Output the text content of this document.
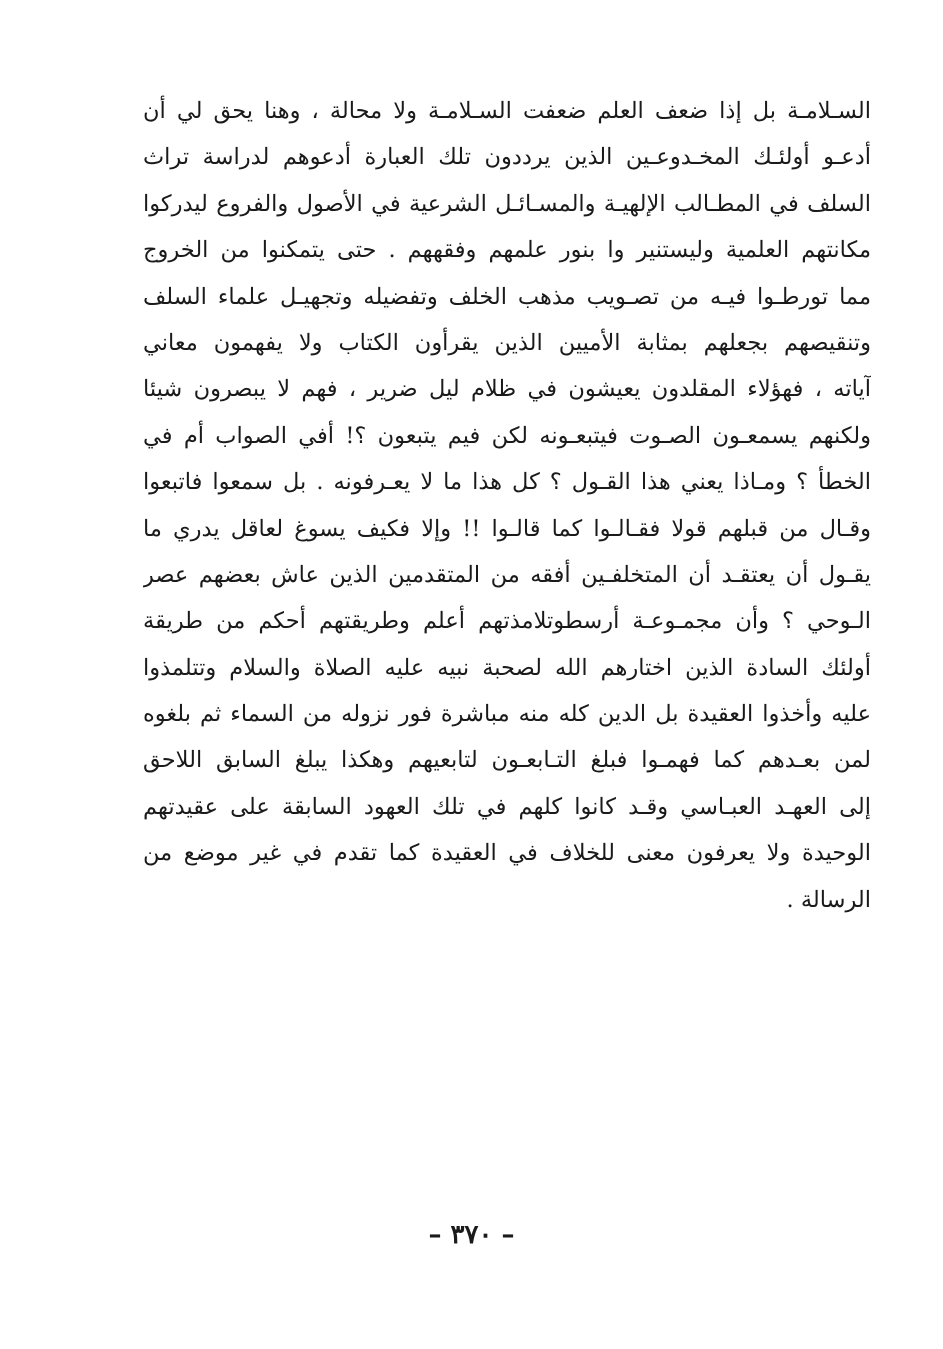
السـلامـة بل إذا ضعف العلم ضعفت السـلامـة ولا محالة ، وهنا يحق لي أن
أدعـو أولئـك المخـدوعـين الذين يرددون تلك العبارة أدعوهم لدراسة تراث
السلف في المطـالب الإلهيـة والمسـائـل الشرعية في الأصول والفروع ليدركوا
مكانتهم العلمية وليستنير وا بنور علمهم وفقههم . حتى يتمكنوا من الخروج
مما تورطـوا فيـه من تصـويب مذهب الخلف وتفضيله وتجهيـل علماء السلف
وتنقيصهم بجعلهم بمثابة الأميين الذين يقرأون الكتاب ولا يفهمون معاني
آياته ، فهؤلاء المقلدون يعيشون في ظلام ليل ضرير ، فهم لا يبصرون شيئا
ولكنهم يسمعـون الصـوت فيتبعـونه لكن فيم يتبعون ؟! أفي الصواب أم في
الخطأ ؟ ومـاذا يعني هذا القـول ؟ كل هذا ما لا يعـرفونه . بل سمعوا فاتبعوا
وقـال من قبلهم قولا فقـالـوا كما قالـوا !! وإلا فكيف يسوغ لعاقل يدري ما
يقـول أن يعتقـد أن المتخلفـين أفقه من المتقدمين الذين عاش بعضهم عصر
الـوحي ؟ وأن مجمـوعـة أرسطوتلامذتهم أعلم وطريقتهم أحكم من طريقة
أولئك السادة الذين اختارهم الله لصحبة نبيه عليه الصلاة والسلام وتتلمذوا
عليه وأخذوا العقيدة بل الدين كله منه مباشرة فور نزوله من السماء ثم بلغوه
لمن بعـدهم كما فهمـوا فبلغ التـابعـون لتابعيهم وهكذا يبلغ السابق اللاحق
إلى العهـد العبـاسي وقـد كانوا كلهم في تلك العهود السابقة على عقيدتهم
الوحيدة ولا يعرفون معنى للخلاف في العقيدة كما تقدم في غير موضع من
الرسالة .
– ٣٧٠ –
